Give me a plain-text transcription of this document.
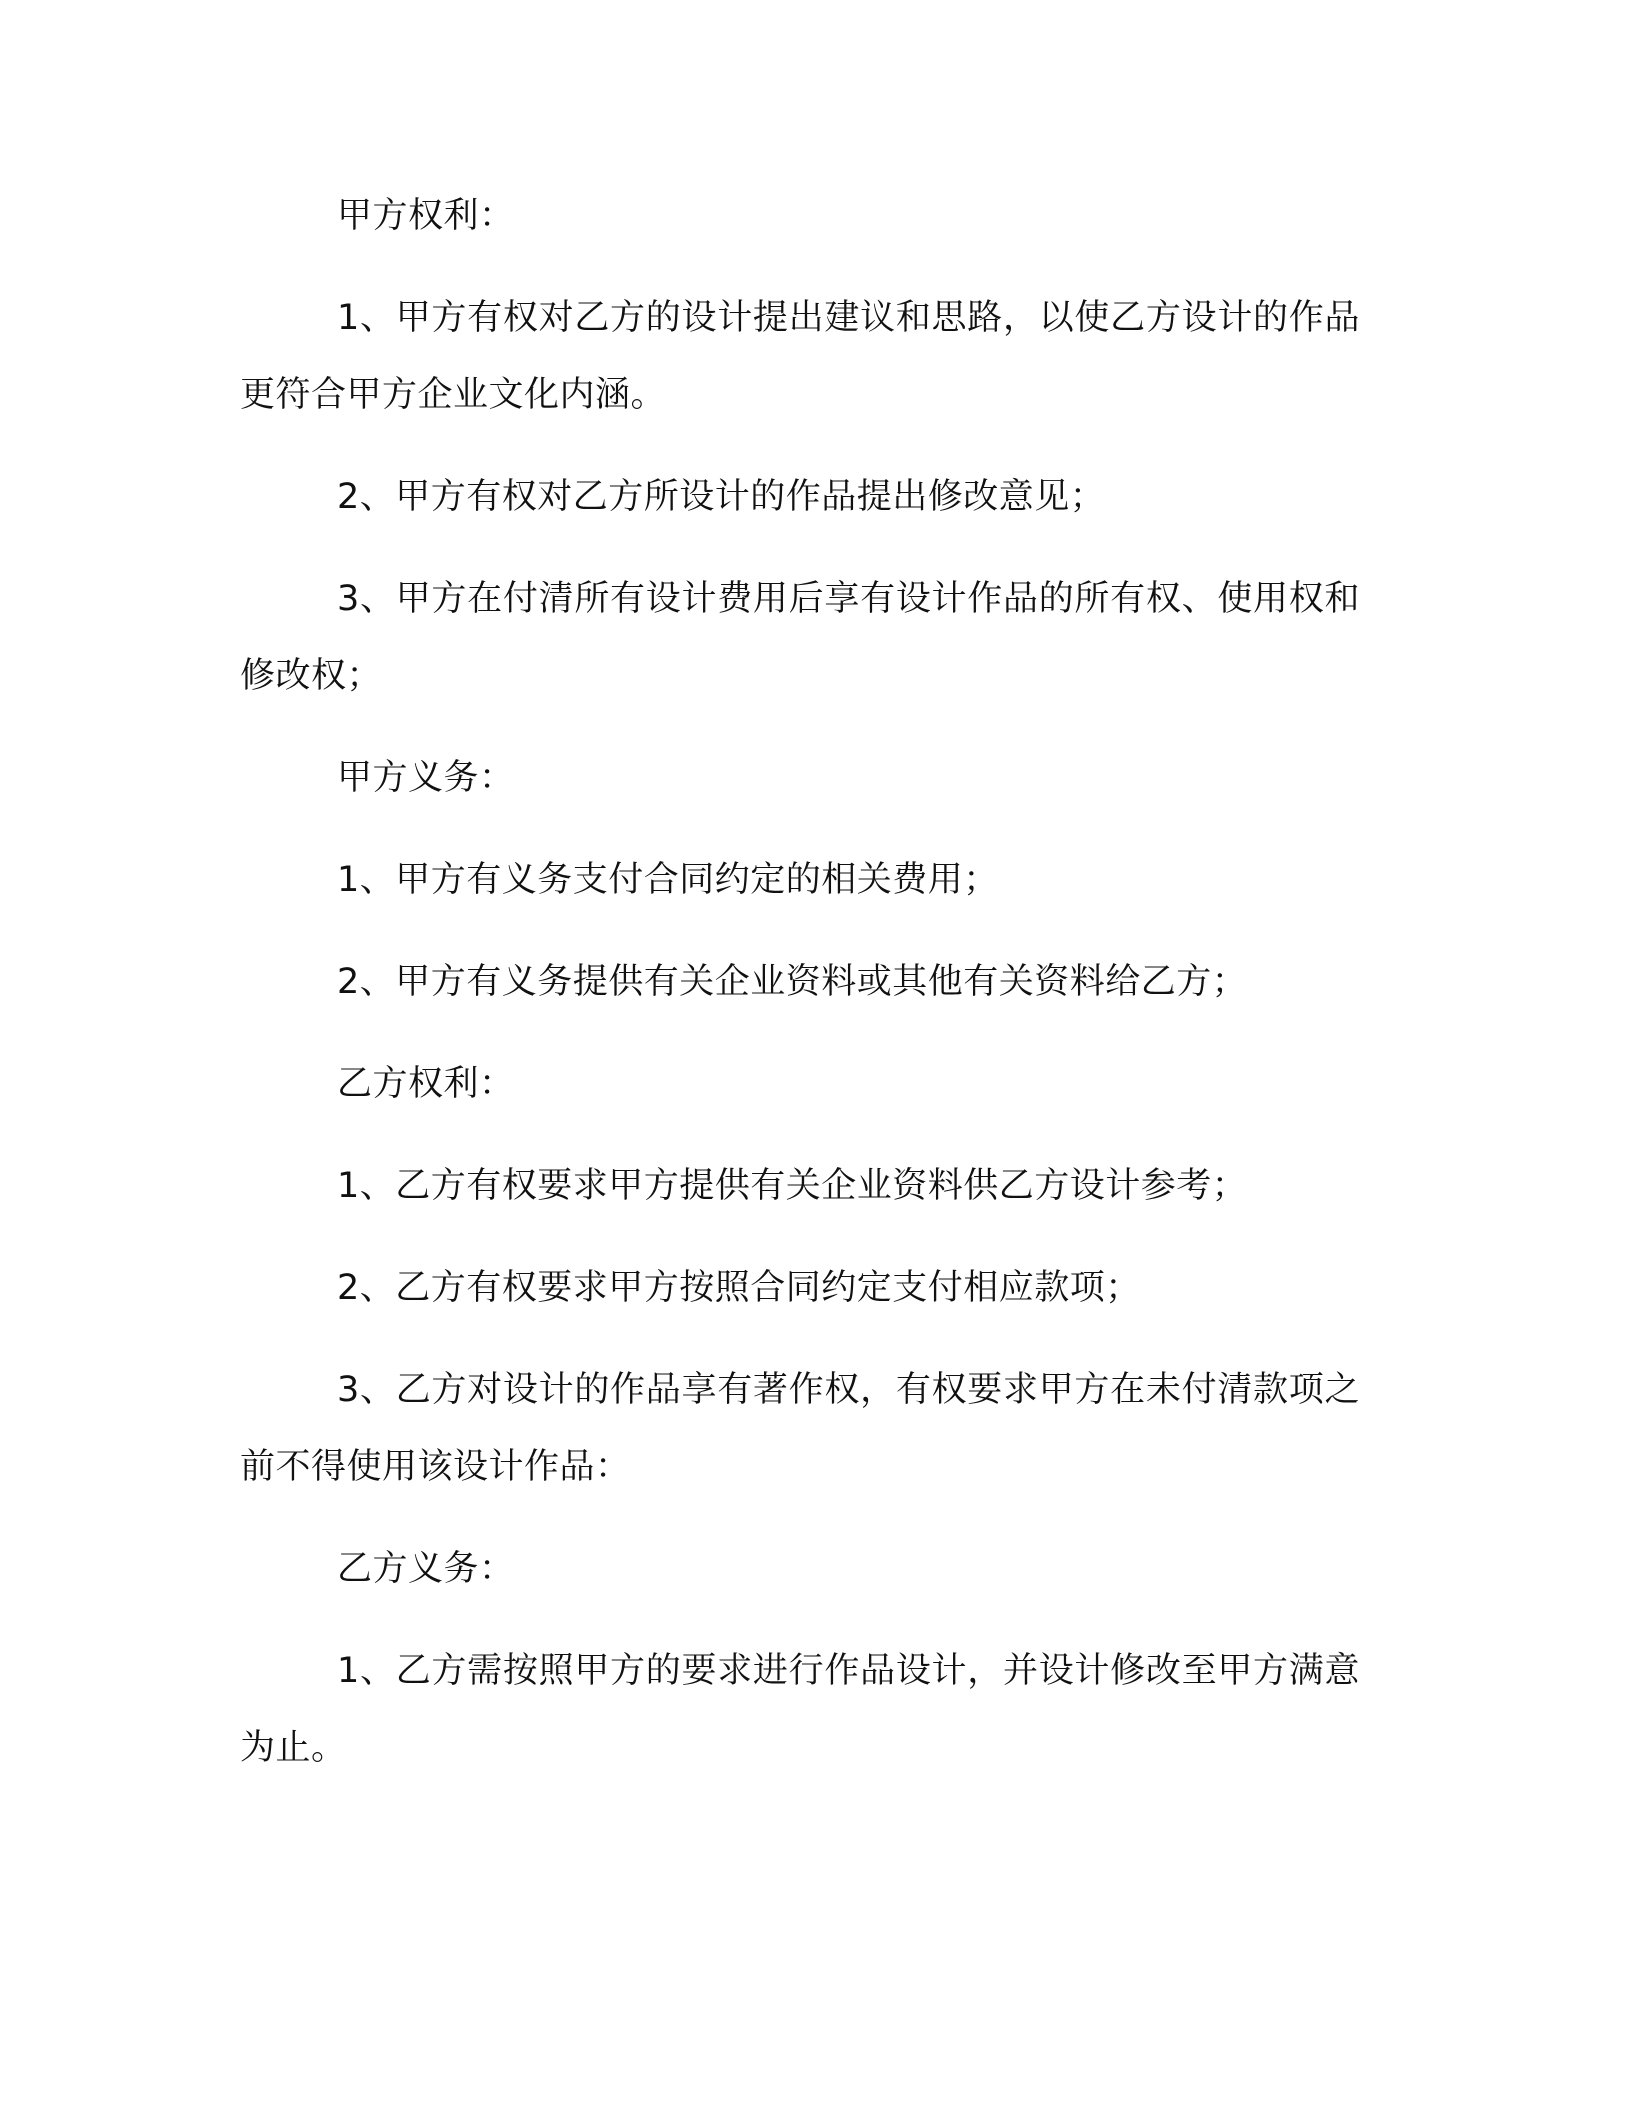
甲方权利：

1、甲方有权对乙方的设计提出建议和思路，以使乙方设计的作品更符合甲方企业文化内涵。

2、甲方有权对乙方所设计的作品提出修改意见；

3、甲方在付清所有设计费用后享有设计作品的所有权、使用权和修改权；

甲方义务：

1、甲方有义务支付合同约定的相关费用；

2、甲方有义务提供有关企业资料或其他有关资料给乙方；

乙方权利：

1、乙方有权要求甲方提供有关企业资料供乙方设计参考；

2、乙方有权要求甲方按照合同约定支付相应款项；

3、乙方对设计的作品享有著作权，有权要求甲方在未付清款项之前不得使用该设计作品：

乙方义务：

1、乙方需按照甲方的要求进行作品设计，并设计修改至甲方满意为止。
